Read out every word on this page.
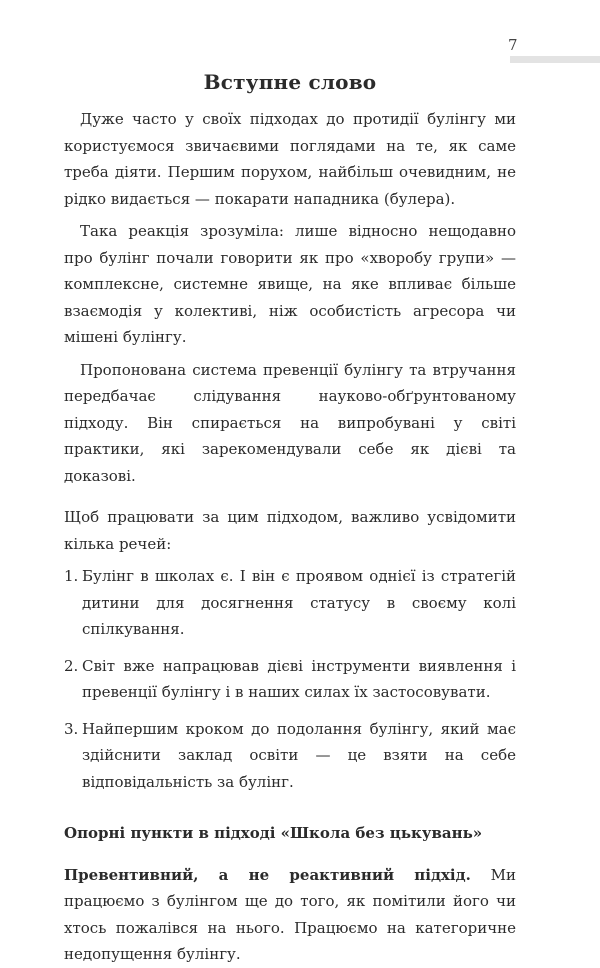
7
Вступне слово

Дуже часто у своїх підходах до протидії булінгу ми користуємося звичаєвими поглядами на те, як саме треба діяти. Першим порухом, найбільш очевидним, не рідко видається — покарати нападника (булера).

Така реакція зрозуміла: лише відносно нещодавно про булінг почали говорити як про «хворобу групи» — комплексне, системне явище, на яке впливає більше взаємодія у колективі, ніж особистість агресора чи мішені булінгу.

Пропонована система превенції булінгу та втручання передбачає слідування науково-обґрунтованому підходу. Він спирається на випробувані у світі практики, які зарекомендували себе як дієві та доказові.

Щоб працювати за цим підходом, важливо усвідомити кілька речей:

1. Булінг в школах є. І він є проявом однієї із стратегій дитини для досягнення статусу в своєму колі спілкування.
2. Світ вже напрацював дієві інструменти виявлення і превенції булінгу і в наших силах їх застосовувати.
3. Найпершим кроком до подолання булінгу, який має здійснити заклад освіти — це взяти на себе відповідальність за булінг.
Опорні пункти в підході «Школа без цькувань»

Превентивний, а не реактивний підхід. Ми працюємо з булінгом ще до того, як помітили його чи хтось пожалівся на нього. Працюємо на категоричне недопущення булінгу.
